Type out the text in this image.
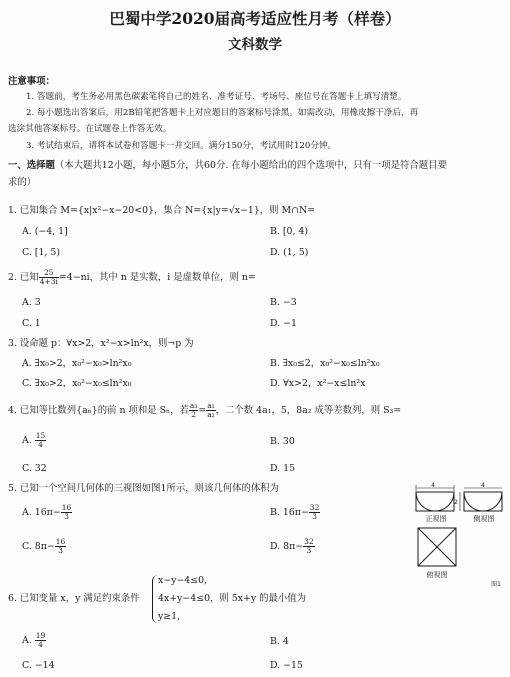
巴蜀中学2020届高考适应性月考（样卷）
文科数学
注意事项：
1. 答题前，考生务必用黑色碳素笔将自己的姓名、准考证号、考场号、座位号在答题卡上填写清楚。
2. 每小题选出答案后，用2B铅笔把答题卡上对应题目的答案标号涂黑。如需改动，用橡皮擦干净后，再
选涂其他答案标号。在试题卷上作答无效。
3. 考试结束后，请将本试卷和答题卡一并交回。满分150分，考试用时120分钟。
一、选择题（本大题共12小题，每小题5分，共60分. 在每小题给出的四个选项中，只有一项是符合题目要
求的）
1. 已知集合 M={x|x²−x−20<0}，集合 N={x|y=√x−1}，则 M∩N=
A. (−4, 1]	B. [0, 4)
C. [1, 5)	D. (1, 5)
2. 已知 $\frac{25}{4+3i} =4-ni$，其中 n 是实数，i 是虚数单位，则 n=
A. 3	B. −3
C. 1	D. −1
3. 设命题 p：∀x>2，x²−x>ln²x，则¬p 为
A. ∃x₀>2，x₀²−x₀>ln²x₀	B. ∃x₀≤2，x₀²−x₀≤ln²x₀
C. ∃x₀>2，x₀²−x₀≤ln²x₀	D. ∀x>2，x²−x≤ln²x
4. 已知等比数列{aₙ}的前 n 项和是 Sₙ，若 $\frac{\text{a₃}}{2} = \frac{\text{a₁}}{\text{a₂}}$ ，二个数 4a₁，5，8a₂ 成等差数列，则 S₃=
A. $\frac{15}{4}$	B. 30
C. 32	D. 15
5. 已知一个空间几何体的三视图如图1所示，则该几何体的体积为
A. $16\pi- \frac{16}{3}$	B. $16\pi- \frac{32}{3}$
C. $8\pi- \frac{16}{3}$	D. $8\pi- \frac{32}{3}$
4
正视图
4
2
侧视图
俯视图
图1
6. 已知变量 x，y 满足约束条件
x−y−4≤0,
4x+y−4≤0，则 5x+y 的最小值为
y≥1,
A. $\frac{19}{4}$	B. 4
C. −14	D. −15
